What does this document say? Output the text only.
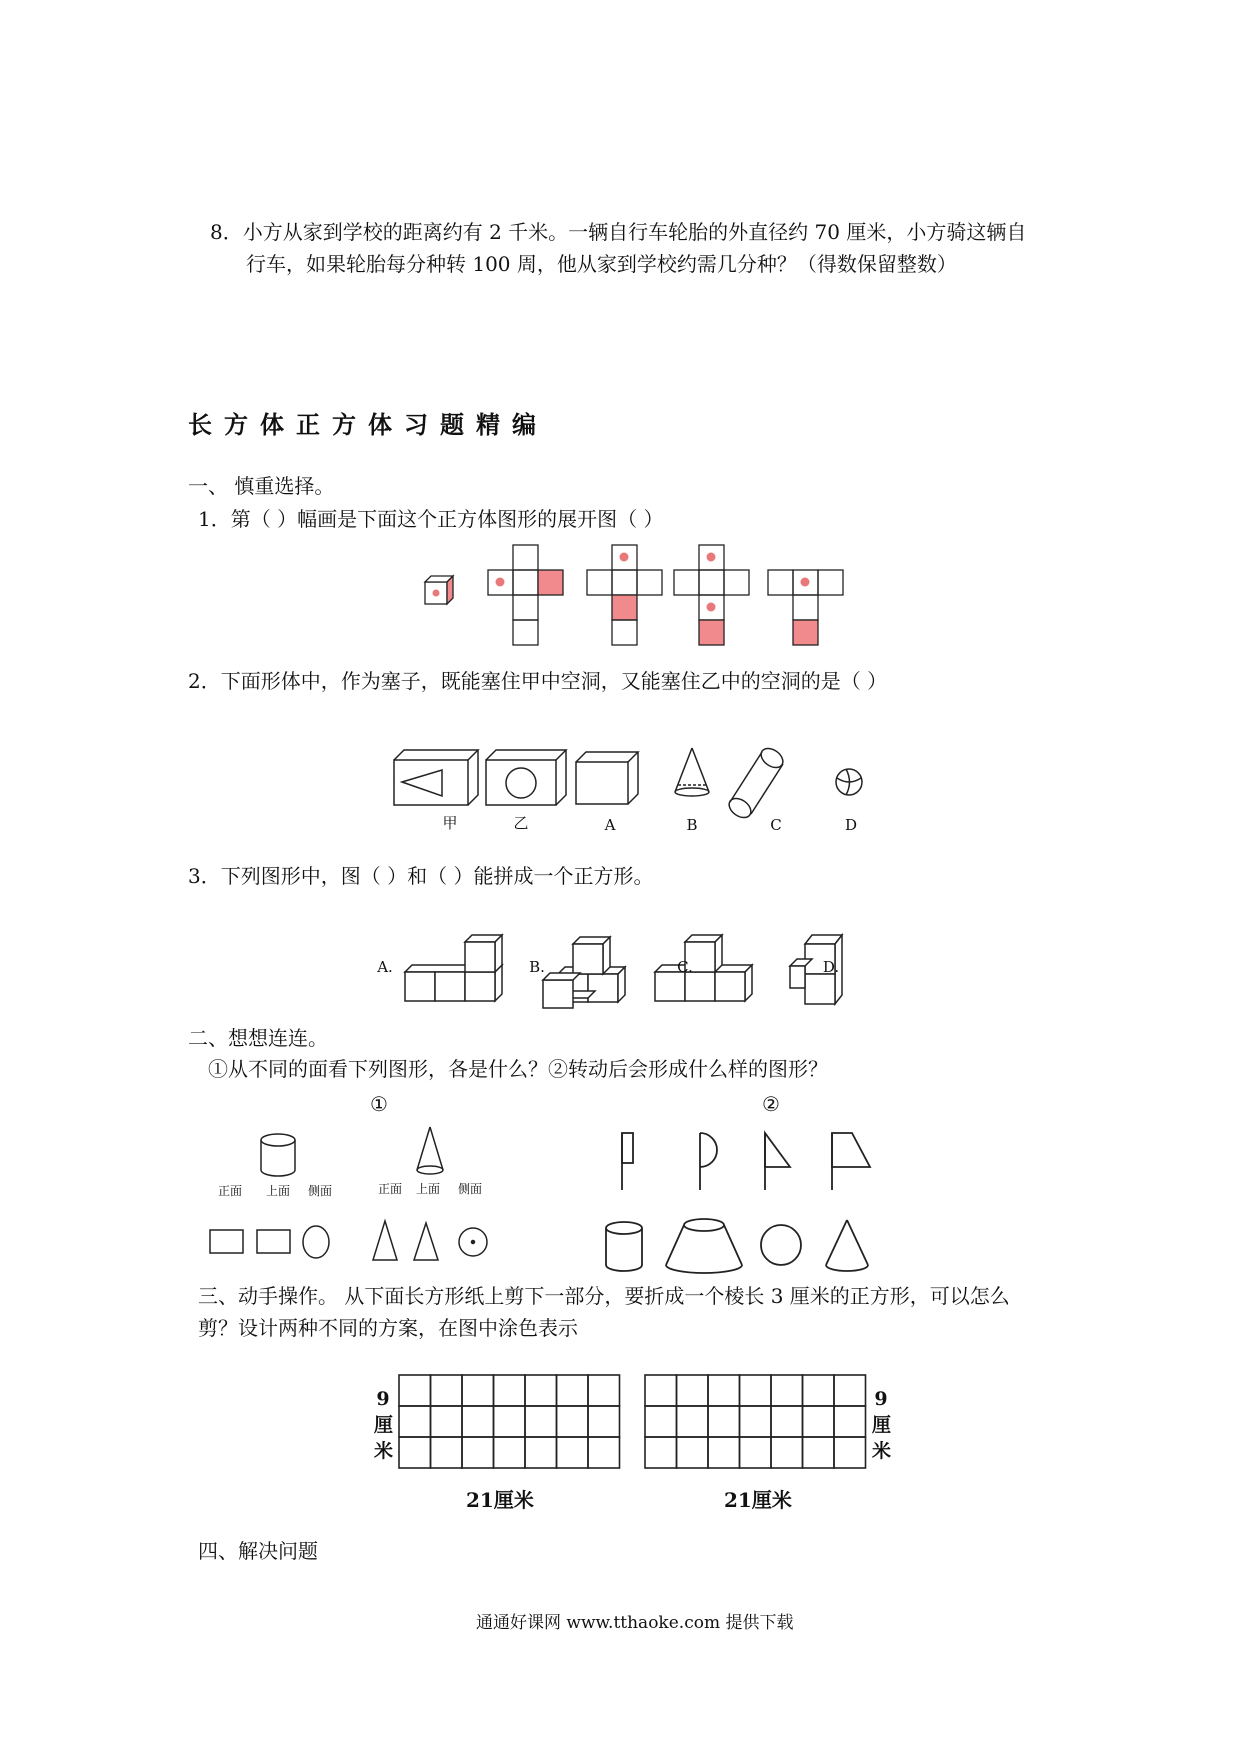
8．小方从家到学校的距离约有 2 千米。一辆自行车轮胎的外直径约 70 厘米，小方骑这辆自
行车，如果轮胎每分种转 100 周，他从家到学校约需几分种？（得数保留整数）
长方体正方体习题精编
一、 慎重选择。
1．第（ ）幅画是下面这个正方体图形的展开图（ ）
2．下面形体中，作为塞子，既能塞住甲中空洞，又能塞住乙中的空洞的是（ ）
甲	乙	A	B	C	D
3．下列图形中，图（ ）和（ ）能拼成一个正方形。
A.	B.	C.	D.
二、想想连连。
①从不同的面看下列图形，各是什么？②转动后会形成什么样的图形？
①	②
正面	上面	侧面	正面	上面	侧面
三、动手操作。 从下面长方形纸上剪下一部分，要折成一个棱长 3 厘米的正方形，可以怎么
剪？设计两种不同的方案，在图中涂色表示
9
厘
米
9
厘
米
21厘米	21厘米
四、解决问题
通通好课网 www.tthaoke.com 提供下载
